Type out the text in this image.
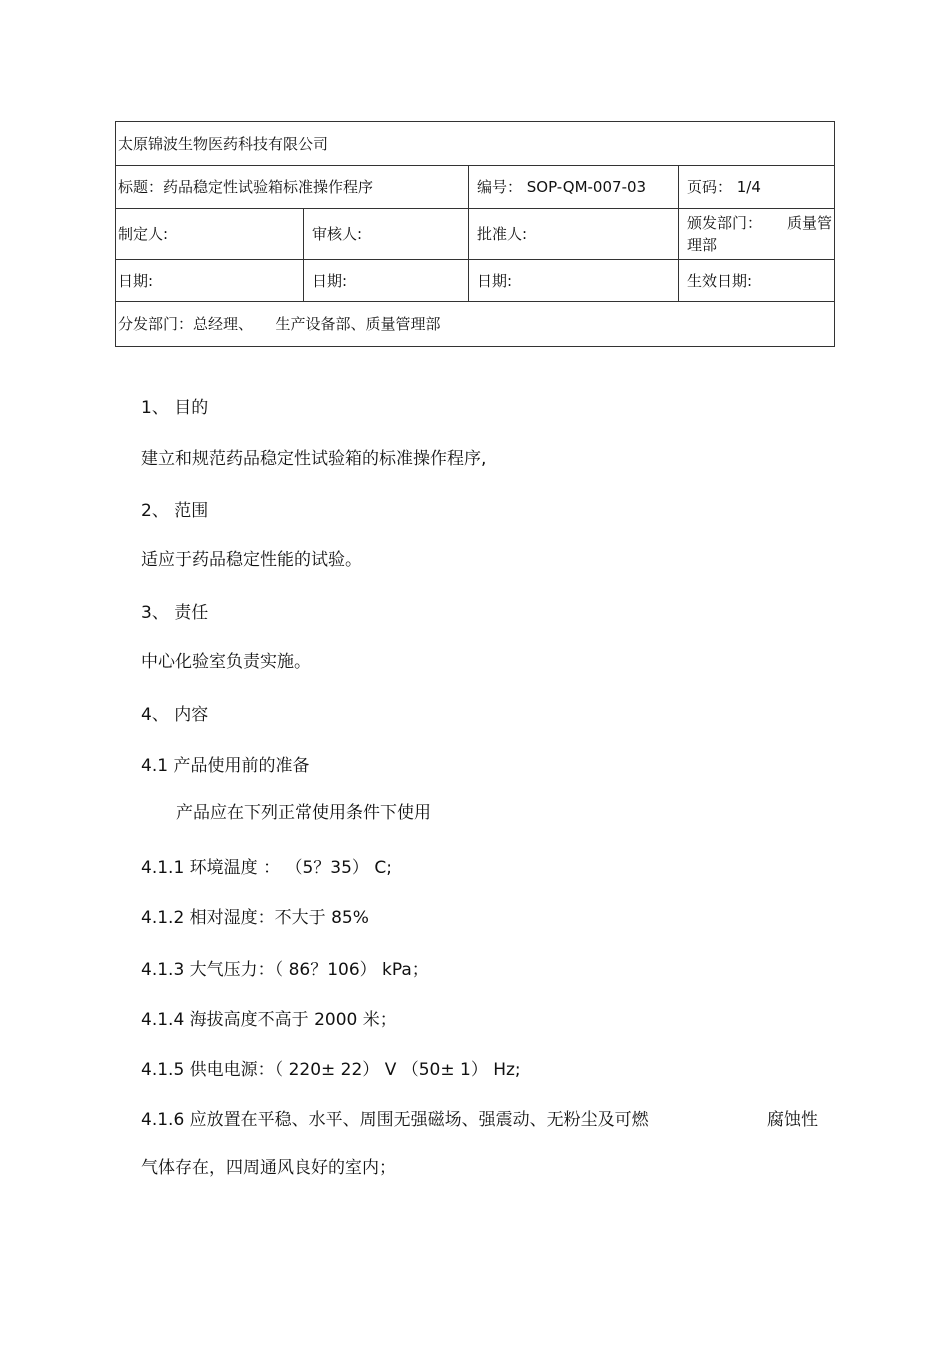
太原锦波生物医药科技有限公司			
标题：药品稳定性试验箱标准操作程序		编号： SOP-QM-007-03	页码： 1/4
制定人:	审核人:	批准人:	颁发部门： 质量管
理部

日期:	日期:	日期:	生效日期:
分发部门：总经理、　　生产设备部、质量管理部			
1、 目的
建立和规范药品稳定性试验箱的标准操作程序,
2、 范围
适应于药品稳定性能的试验。
3、 责任
中心化验室负责实施。
4、 内容
4.1 产品使用前的准备
产品应在下列正常使用条件下使用
4.1.1 环境温度 ： （5？35） C;
4.1.2 相对湿度：不大于 85%
4.1.3 大气压力：（ 86？106） kPa；
4.1.4 海拔高度不高于 2000 米；
4.1.5 供电电源：（ 220± 22） V （50± 1） Hz;
4.1.6 应放置在平稳、水平、周围无强磁场、强震动、无粉尘及可燃	腐蚀性
气体存在，四周通风良好的室内；
